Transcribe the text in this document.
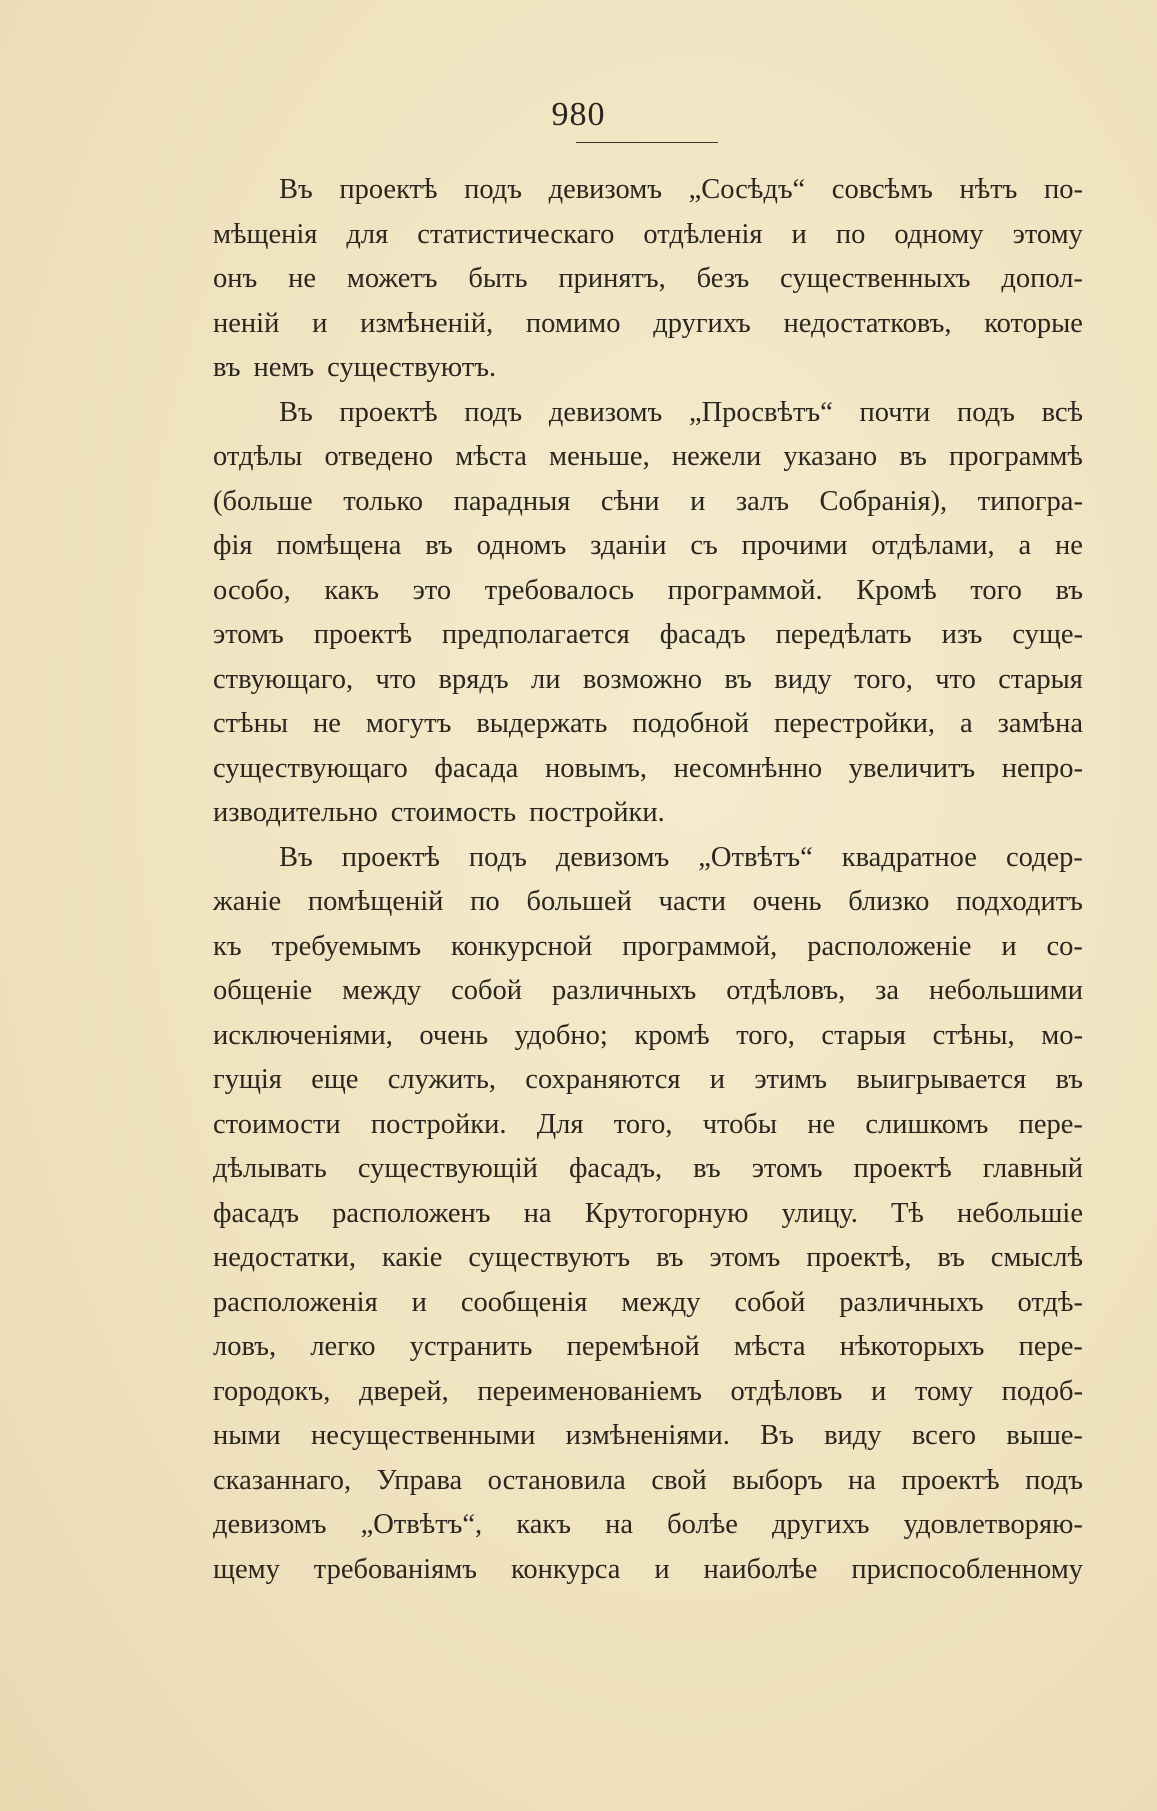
980
Въ проектѣ подъ девизомъ „Сосѣдъ“ совсѣмъ нѣтъ по-
мѣщенія для статистическаго отдѣленія и по одному этому
онъ не можетъ быть принятъ, безъ существенныхъ допол-
неній и измѣненій, помимо другихъ недостатковъ, которые
въ немъ существуютъ.
Въ проектѣ подъ девизомъ „Просвѣтъ“ почти подъ всѣ
отдѣлы отведено мѣста меньше, нежели указано въ программѣ
(больше только парадныя сѣни и залъ Собранія), типогра-
фія помѣщена въ одномъ зданіи съ прочими отдѣлами, а не
особо, какъ это требовалось программой. Кромѣ того въ
этомъ проектѣ предполагается фасадъ передѣлать изъ суще-
ствующаго, что врядъ ли возможно въ виду того, что старыя
стѣны не могутъ выдержать подобной перестройки, а замѣна
существующаго фасада новымъ, несомнѣнно увеличитъ непро-
изводительно стоимость постройки.
Въ проектѣ подъ девизомъ „Отвѣтъ“ квадратное содер-
жаніе помѣщеній по большей части очень близко подходитъ
къ требуемымъ конкурсной программой, расположеніе и со-
общеніе между собой различныхъ отдѣловъ, за небольшими
исключеніями, очень удобно; кромѣ того, старыя стѣны, мо-
гущія еще служить, сохраняются и этимъ выигрывается въ
стоимости постройки. Для того, чтобы не слишкомъ пере-
дѣлывать существующій фасадъ, въ этомъ проектѣ главный
фасадъ расположенъ на Крутогорную улицу. Тѣ небольшіе
недостатки, какіе существуютъ въ этомъ проектѣ, въ смыслѣ
расположенія и сообщенія между собой различныхъ отдѣ-
ловъ, легко устранить перемѣной мѣста нѣкоторыхъ пере-
городокъ, дверей, переименованіемъ отдѣловъ и тому подоб-
ными несущественными измѣненіями. Въ виду всего выше-
сказаннаго, Управа остановила свой выборъ на проектѣ подъ
девизомъ „Отвѣтъ“, какъ на болѣе другихъ удовлетворяю-
щему требованіямъ конкурса и наиболѣе приспособленному
